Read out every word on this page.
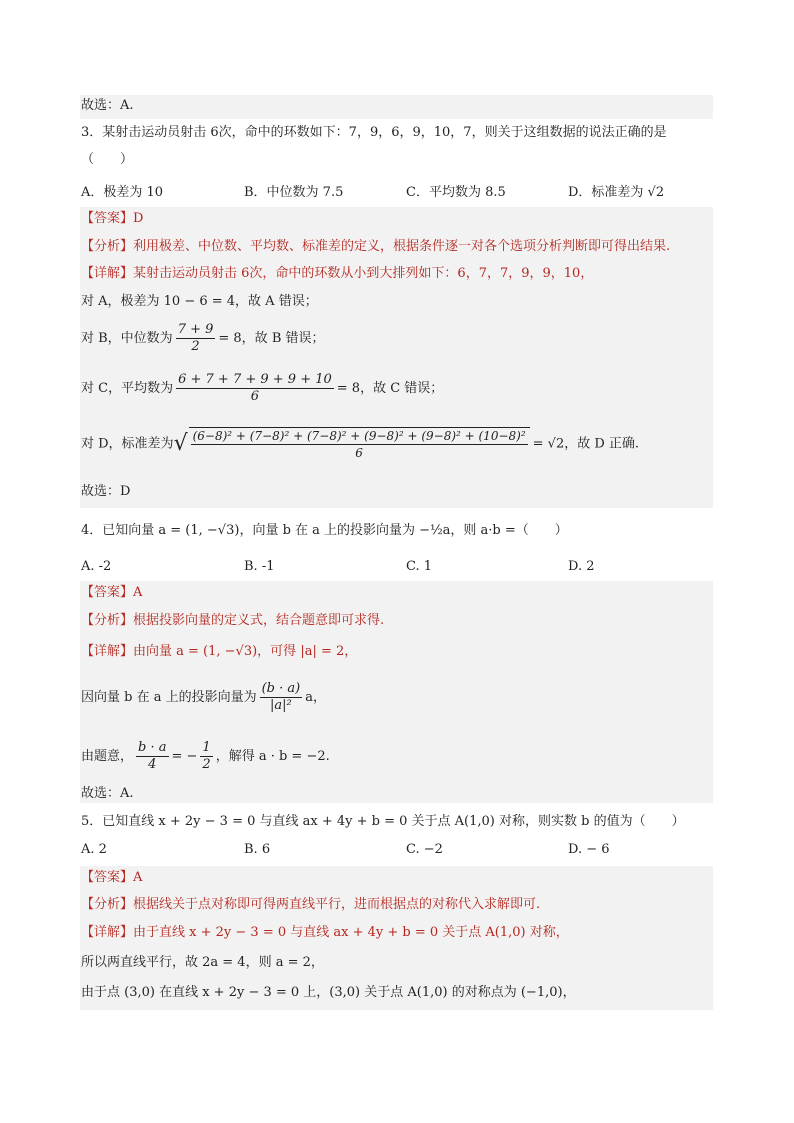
故选：A.
3．某射击运动员射击 6次，命中的环数如下：7，9，6，9，10，7，则关于这组数据的说法正确的是
（　　）
A．极差为 10	B．中位数为 7.5	C．平均数为 8.5	D．标准差为 √2
【答案】D
【分析】利用极差、中位数、平均数、标准差的定义，根据条件逐一对各个选项分析判断即可得出结果.
【详解】某射击运动员射击 6次，命中的环数从小到大排列如下：6，7，7，9，9，10，
对 A，极差为 10 − 6 = 4，故 A 错误；
对 B，中位数为 $\frac{7 + 9}{2} = 8$，故 B 错误；
对 C，平均数为 $\frac{6 + 7 + 7 + 9 + 9 + 10}{6} = 8$，故 C 错误；
对 D，标准差为√ $\frac{\text{(6−8)² + (7−8)² + (7−8)² + (9−8)² + (9−8)² + (10−8)²}}{6} = √2$，故 D 正确.
故选：D
4．已知向量 a = (1, −√3)，向量 b 在 a 上的投影向量为 −½a，则 a·b =（　　）
A. -2	B. -1	C. 1	D. 2
【答案】A
【分析】根据投影向量的定义式，结合题意即可求得.
【详解】由向量 a = (1, −√3)，可得 |a| = 2，
因向量 b 在 a 上的投影向量为 $\frac{(b \cdot a)}{\text{|a|²}}$ a，
由题意， $\frac{b \cdot a}{4}$ = − $\frac{1}{2}$ ，解得 a · b = −2.
故选：A.
5．已知直线 x + 2y − 3 = 0 与直线 ax + 4y + b = 0 关于点 A(1,0) 对称，则实数 b 的值为（　　）
A. 2	B. 6	C. −2	D. − 6
【答案】A
【分析】根据线关于点对称即可得两直线平行，进而根据点的对称代入求解即可.
【详解】由于直线 x + 2y − 3 = 0 与直线 ax + 4y + b = 0 关于点 A(1,0) 对称，
所以两直线平行，故 2a = 4，则 a = 2，
由于点 (3,0) 在直线 x + 2y − 3 = 0 上，(3,0) 关于点 A(1,0) 的对称点为 (−1,0)，
